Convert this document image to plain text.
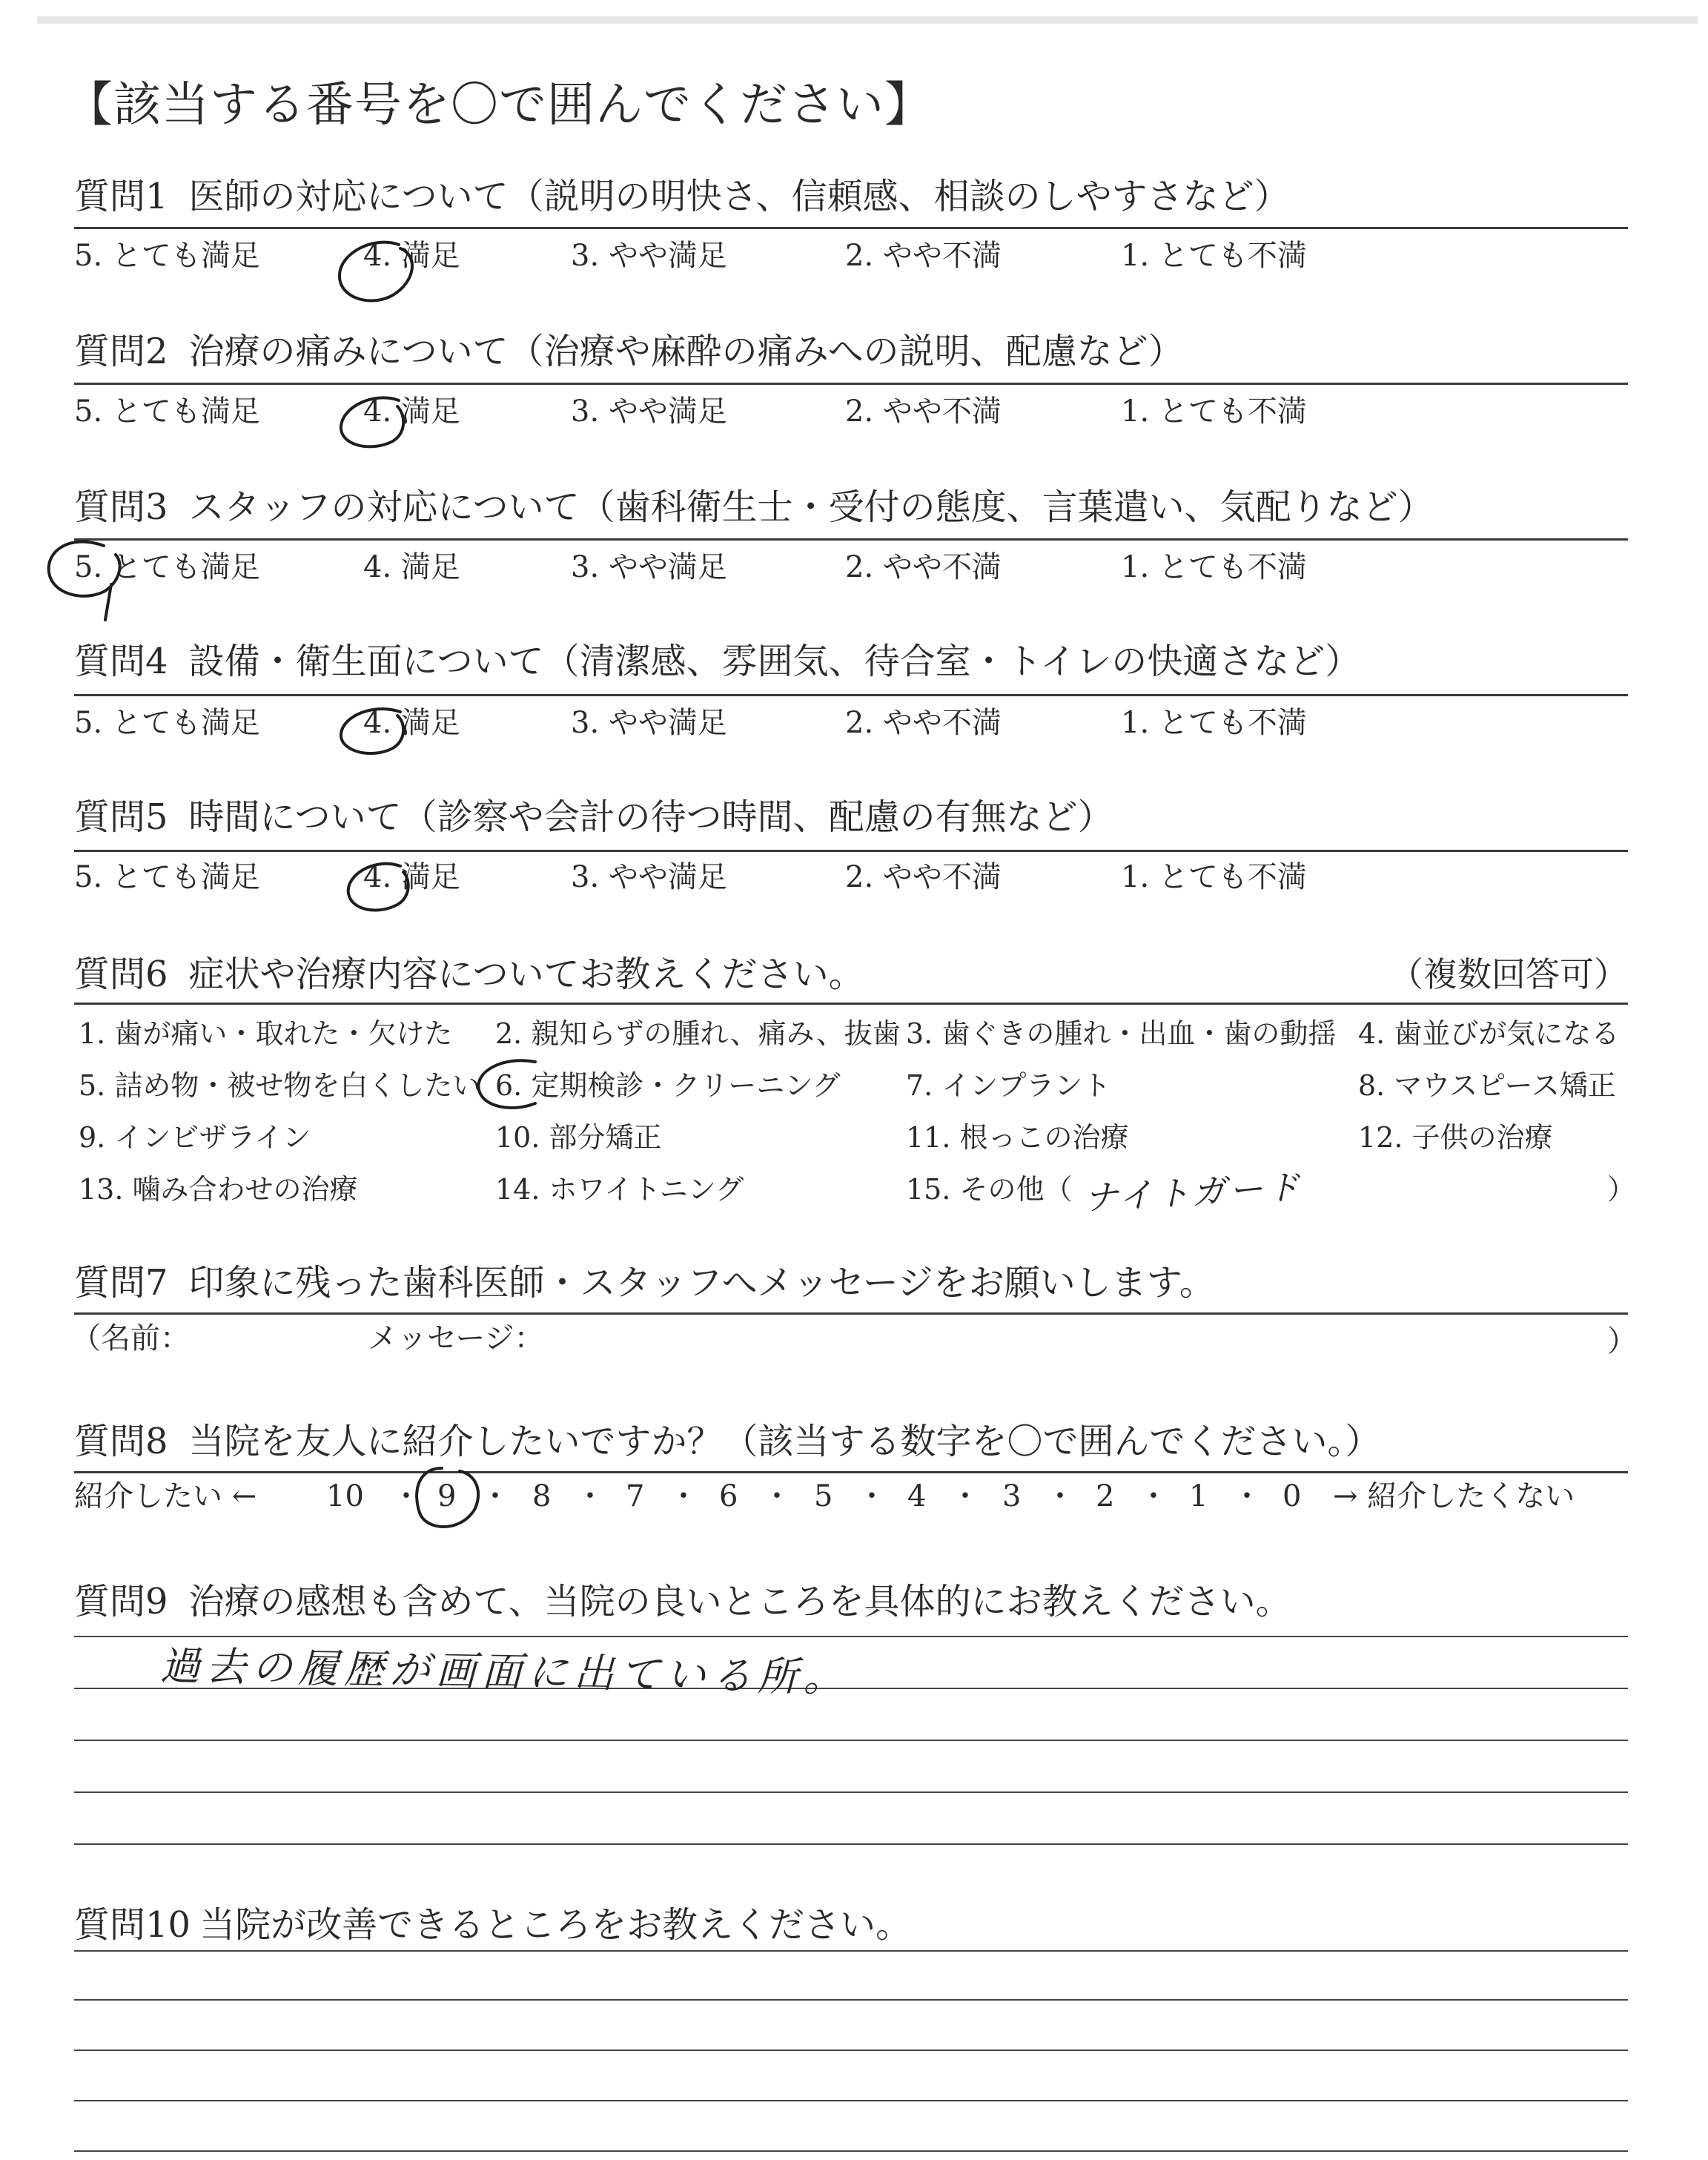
【該当する番号を〇で囲んでください】
質問1 医師の対応について（説明の明快さ、信頼感、相談のしやすさなど）
5. とても満足	4. 満足	3. やや満足	2. やや不満	1. とても不満
質問2 治療の痛みについて（治療や麻酔の痛みへの説明、配慮など）
5. とても満足	4. 満足	3. やや満足	2. やや不満	1. とても不満
質問3 スタッフの対応について（歯科衛生士・受付の態度、言葉遣い、気配りなど）
5. とても満足	4. 満足	3. やや満足	2. やや不満	1. とても不満
質問4 設備・衛生面について（清潔感、雰囲気、待合室・トイレの快適さなど）
5. とても満足	4. 満足	3. やや満足	2. やや不満	1. とても不満
質問5 時間について（診察や会計の待つ時間、配慮の有無など）
5. とても満足	4. 満足	3. やや満足	2. やや不満	1. とても不満
質問6 症状や治療内容についてお教えください。	（複数回答可）
1. 歯が痛い・取れた・欠けた 2. 親知らずの腫れ、痛み、抜歯 3. 歯ぐきの腫れ・出血・歯の動揺 4. 歯並びが気になる
5. 詰め物・被せ物を白くしたい 6. 定期検診・クリーニング 7. インプラント	8. マウスピース矯正
9. インビザライン	10. 部分矯正	11. 根っこの治療	12. 子供の治療
13. 噛み合わせの治療	14. ホワイトニング	15. その他（ ナイトガード	）
質問7 印象に残った歯科医師・スタッフへメッセージをお願いします。
（名前：	メッセージ：	）
質問8 当院を友人に紹介したいですか？（該当する数字を〇で囲んでください。）
紹介したい ← 10 ・ 9 ・ 8 ・ 7 ・ 6 ・ 5 ・ 4 ・ 3 ・ 2 ・ 1 ・ 0 → 紹介したくない
質問9 治療の感想も含めて、当院の良いところを具体的にお教えください。
過去の履歴が画面に出ている所。
質問10 当院が改善できるところをお教えください。
